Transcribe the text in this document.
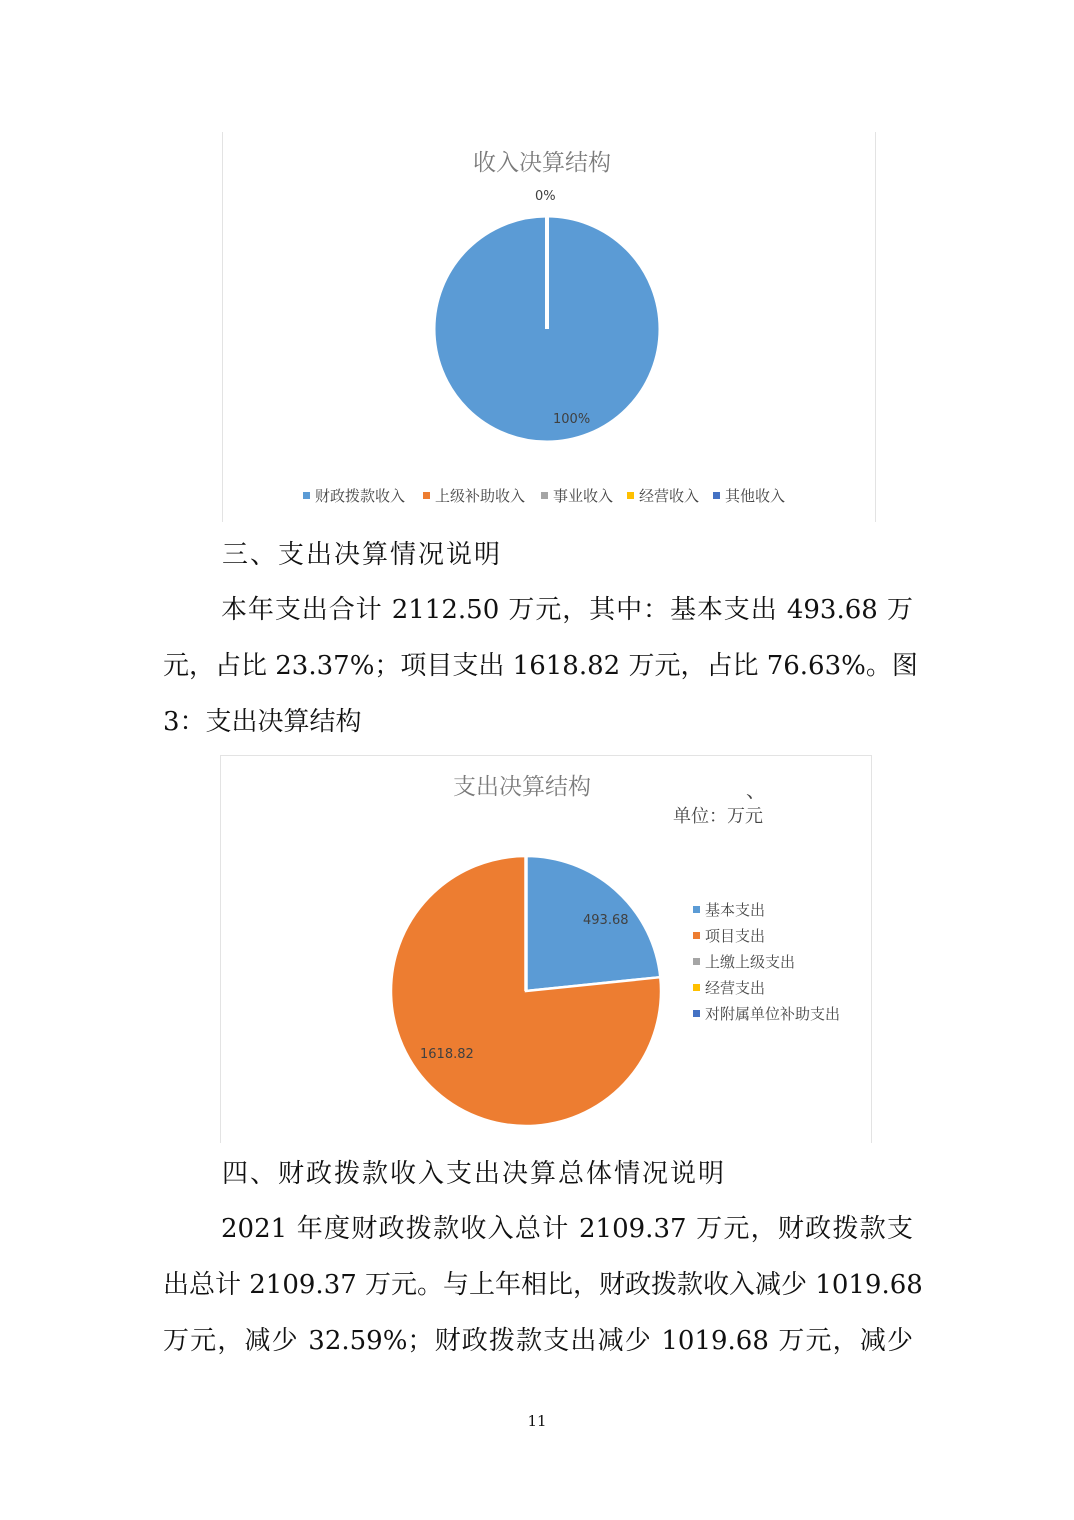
收入决算结构
财政拨款收入 上级补助收入 事业收入 经营收入 其他收入
0%
100%

三、支出决算情况说明

本年支出合计 2112.50 万元，其中：基本支出 493.68 万
元，占比 23.37%；项目支出 1618.82 万元，占比 76.63%。图
3：支出决算结构
支出决算结构	、
单位：万元
基本支出
项目支出
上缴上级支出
经营支出
对附属单位补助支出
493.68
1618.82

四、财政拨款收入支出决算总体情况说明

2021 年度财政拨款收入总计 2109.37 万元，财政拨款支
出总计 2109.37 万元。与上年相比，财政拨款收入减少 1019.68
万元，减少 32.59%；财政拨款支出减少 1019.68 万元，减少
11
